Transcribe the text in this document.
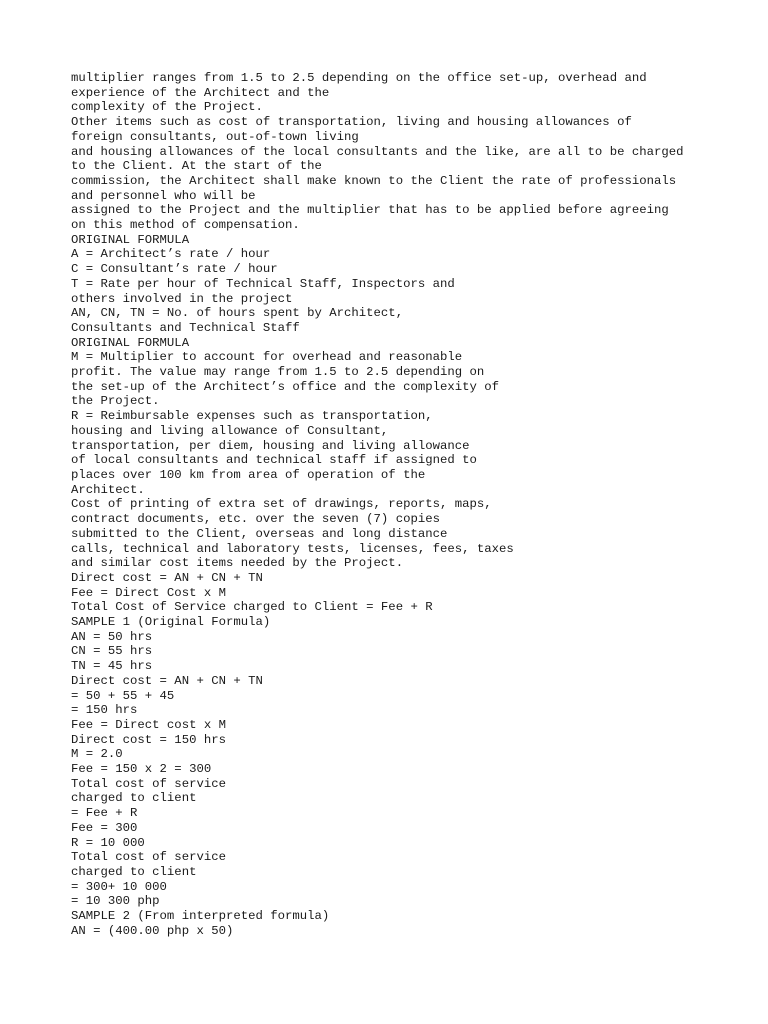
multiplier ranges from 1.5 to 2.5 depending on the office set-up, overhead and

experience of the Architect and the

complexity of the Project.

Other items such as cost of transportation, living and housing allowances of

foreign consultants, out-of-town living

and housing allowances of the local consultants and the like, are all to be charged

to the Client. At the start of the

commission, the Architect shall make known to the Client the rate of professionals

and personnel who will be

assigned to the Project and the multiplier that has to be applied before agreeing

on this method of compensation.

ORIGINAL FORMULA

A = Architect’s rate / hour

C = Consultant’s rate / hour

T = Rate per hour of Technical Staff, Inspectors and

others involved in the project

AN, CN, TN = No. of hours spent by Architect,

Consultants and Technical Staff

ORIGINAL FORMULA

M = Multiplier to account for overhead and reasonable

profit. The value may range from 1.5 to 2.5 depending on

the set-up of the Architect’s office and the complexity of

the Project.

R = Reimbursable expenses such as transportation,

housing and living allowance of Consultant,

transportation, per diem, housing and living allowance

of local consultants and technical staff if assigned to

places over 100 km from area of operation of the

Architect.

Cost of printing of extra set of drawings, reports, maps,

contract documents, etc. over the seven (7) copies

submitted to the Client, overseas and long distance

calls, technical and laboratory tests, licenses, fees, taxes

and similar cost items needed by the Project.

Direct cost = AN + CN + TN

Fee = Direct Cost x M

Total Cost of Service charged to Client = Fee + R

SAMPLE 1 (Original Formula)

AN = 50 hrs

CN = 55 hrs

TN = 45 hrs

Direct cost = AN + CN + TN

= 50 + 55 + 45

= 150 hrs

Fee = Direct cost x M

Direct cost = 150 hrs

M = 2.0

Fee = 150 x 2 = 300

Total cost of service

charged to client

= Fee + R

Fee = 300

R = 10 000

Total cost of service

charged to client

= 300+ 10 000

= 10 300 php

SAMPLE 2 (From interpreted formula)

AN = (400.00 php x 50)
